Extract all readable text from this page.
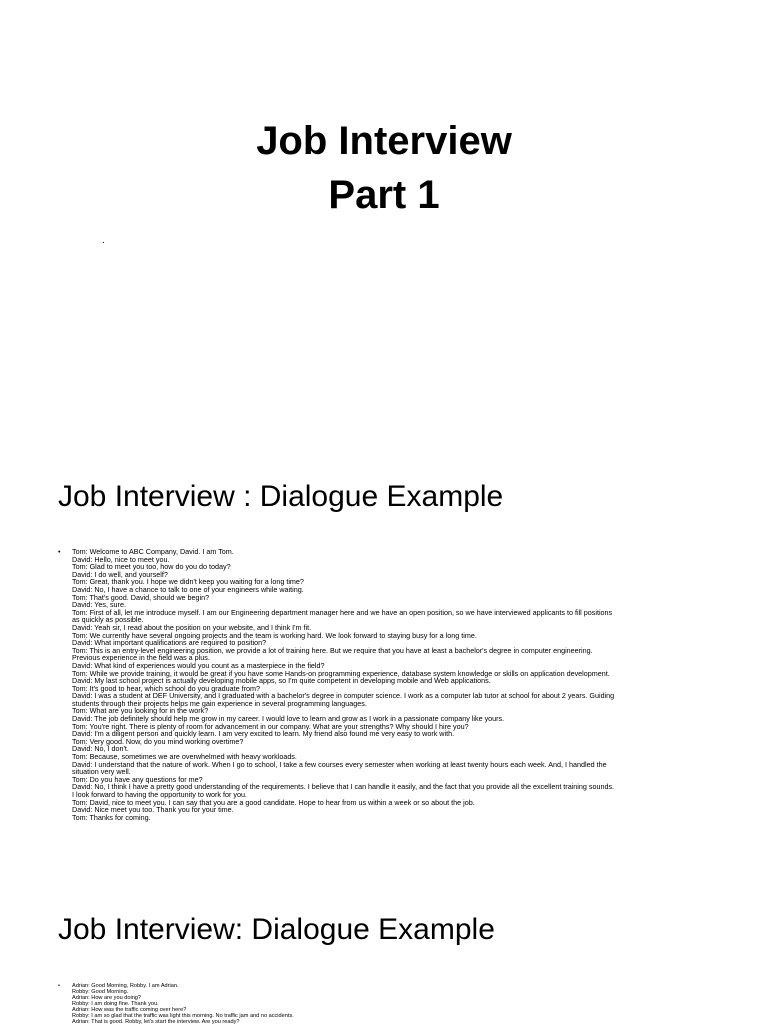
Job Interview
Part 1
.
Job Interview : Dialogue Example
• Tom: Welcome to ABC Company, David. I am Tom.
David: Hello, nice to meet you.
Tom: Glad to meet you too, how do you do today?
David: I do well, and yourself?
Tom: Great, thank you. I hope we didn't keep you waiting for a long time?
David: No, I have a chance to talk to one of your engineers while waiting.
Tom: That's good. David, should we begin?
David: Yes, sure.
Tom: First of all, let me introduce myself. I am our Engineering department manager here and we have an open position, so we have interviewed applicants to fill positions
as quickly as possible.
David: Yeah sir, I read about the position on your website, and I think I'm fit.
Tom: We currently have several ongoing projects and the team is working hard. We look forward to staying busy for a long time.
David: What important qualifications are required to position?
Tom: This is an entry-level engineering position, we provide a lot of training here. But we require that you have at least a bachelor's degree in computer engineering.
Previous experience in the field was a plus.
David: What kind of experiences would you count as a masterpiece in the field?
Tom: While we provide training, it would be great if you have some Hands-on programming experience, database system knowledge or skills on application development.
David: My last school project is actually developing mobile apps, so I'm quite competent in developing mobile and Web applications.
Tom: It's good to hear, which school do you graduate from?
David: I was a student at DEF University, and I graduated with a bachelor's degree in computer science. I work as a computer lab tutor at school for about 2 years. Guiding
students through their projects helps me gain experience in several programming languages.
Tom: What are you looking for in the work?
David: The job definitely should help me grow in my career. I would love to learn and grow as I work in a passionate company like yours.
Tom: You're right. There is plenty of room for advancement in our company. What are your strengths? Why should I hire you?
David: I'm a diligent person and quickly learn. I am very excited to learn. My friend also found me very easy to work with.
Tom: Very good. Now, do you mind working overtime?
David: No, I don't.
Tom: Because, sometimes we are overwhelmed with heavy workloads.
David: I understand that the nature of work. When I go to school, I take a few courses every semester when working at least twenty hours each week. And, I handled the
situation very well.
Tom: Do you have any questions for me?
David: No, I think I have a pretty good understanding of the requirements. I believe that I can handle it easily, and the fact that you provide all the excellent training sounds.
I look forward to having the opportunity to work for you.
Tom: David, nice to meet you. I can say that you are a good candidate. Hope to hear from us within a week or so about the job.
David: Nice meet you too. Thank you for your time.
Tom: Thanks for coming.
Job Interview: Dialogue Example
• Adrian: Good Morning, Robby. I am Adrian.
Robby: Good Morning.
Adrian: How are you doing?
Robby: I am doing fine. Thank you.
Adrian: How was the traffic coming over here?
Robby: I am so glad that the traffic was light this morning. No traffic jam and no accidents.
Adrian: That is good. Robby, let's start the interview. Are you ready?
